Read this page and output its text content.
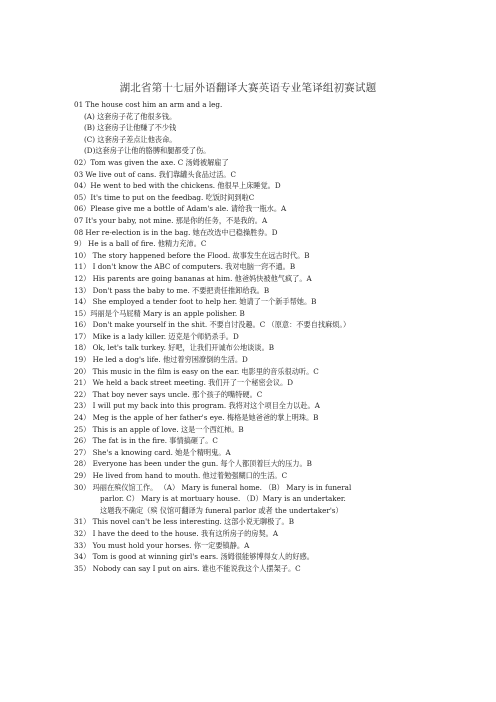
湖北省第十七届外语翻译大赛英语专业笔译组初赛试题
01 The house cost him an arm and a leg.
(A) 这套房子花了他很多钱。
(B) 这套房子让他赚了不少钱
(C) 这套房子差点让他丧命。
(D)这套房子让他的胳膊和腿都受了伤。
02）Tom was given the axe. C 汤姆被解雇了
03 We live out of cans. 我们靠罐头食品过活。C
04）He went to bed with the chickens. 他很早上床睡觉。D
05）It's time to put on the feedbag. 吃饭时间到啦C
06）Please give me a bottle of Adam's ale. 请给我一瓶水。A
07 It's your baby, not mine. 那是你的任务，不是我的。A
08 Her re-election is in the bag. 她在改选中已稳操胜券。D
9） He is a ball of fire. 他精力充沛。C
10） The story happened before the Flood. 故事发生在远古时代。B
11） I don't know the ABC of computers. 我对电脑一窍不通。B
12） His parents are going bananas at him. 他爸妈快被他气疯了。A
13） Don't pass the baby to me. 不要把责任推卸给我。B
14） She employed a tender foot to help her. 她请了一个新手帮她。B
15）玛丽是个马屁精 Mary is an apple polisher. B
16） Don't make yourself in the shit. 不要自讨没趣。C （原意：不要自找麻烦。）
17） Mike is a lady killer. 迈克是个师奶杀手。D
18） Ok, let's talk turkey. 好吧，让我们开诚布公地谈谈。B
19） He led a dog's life. 他过着穷困潦倒的生活。D
20） This music in the film is easy on the ear. 电影里的音乐很动听。C
21） We held a back street meeting. 我们开了一个秘密会议。D
22） That boy never says uncle. 那个孩子的嘴特硬。C
23） I will put my back into this program. 我将对这个项目全力以赴。A
24） Meg is the apple of her father's eye. 梅格是她爸爸的掌上明珠。B
25） This is an apple of love. 这是一个西红柿。B
26） The fat is in the fire. 事情搞砸了。C
27） She's a knowing card. 她是个精明鬼。A
28） Everyone has been under the gun. 每个人都顶着巨大的压力。B
29） He lived from hand to mouth. 他过着勉强糊口的生活。C
30） 玛丽在殡仪馆工作。 （A） Mary is funeral home. （B） Mary is in funeral
parlor. C） Mary is at mortuary house. （D）Mary is an undertaker.
这题我不确定（殡 仪馆可翻译为 funeral parlor 或者 the undertaker's）
31） This novel can't be less interesting. 这部小说无聊极了。B
32） I have the deed to the house. 我有这所房子的房契。A
33） You must hold your horses. 你一定要镇静。A
34） Tom is good at winning girl's ears. 汤姆很能够博得女人的好感。
35） Nobody can say I put on airs. 谁也不能说我这个人摆架子。C
